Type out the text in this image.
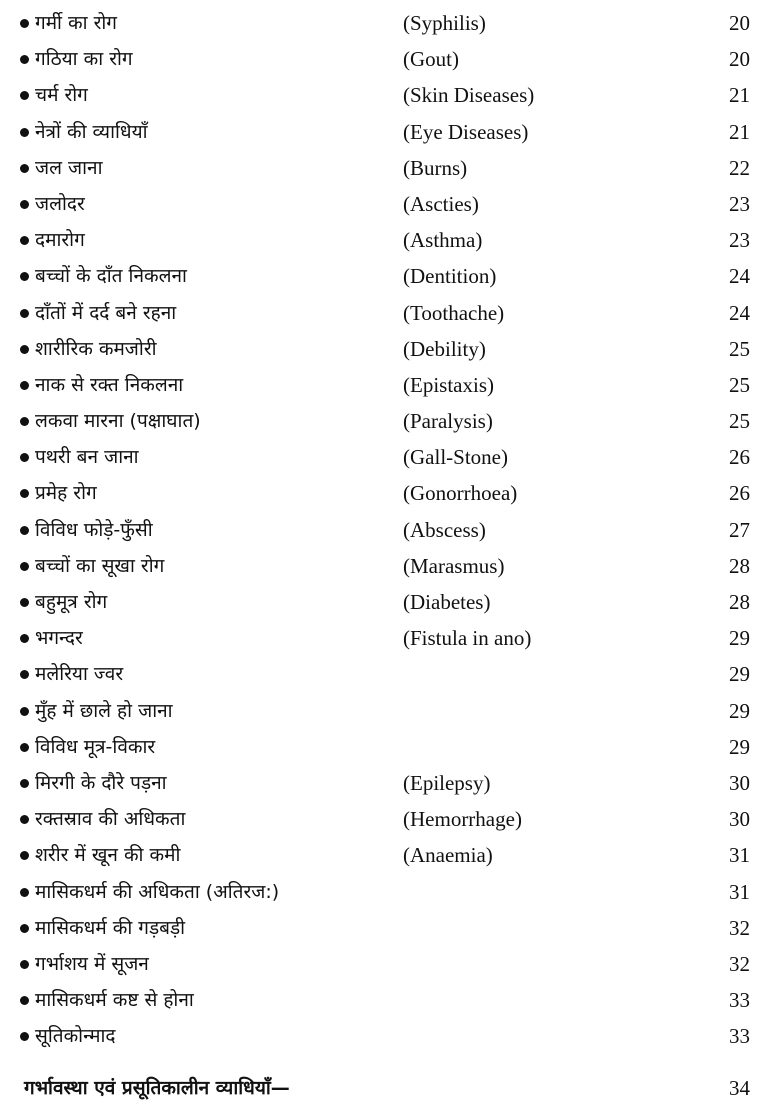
गर्मी का रोग	(Syphilis)	20
गठिया का रोग	(Gout)	20
चर्म रोग	(Skin Diseases)	21
नेत्रों की व्याधियाँ	(Eye Diseases)	21
जल जाना	(Burns)	22
जलोदर	(Ascties)	23
दमारोग	(Asthma)	23
बच्चों के दाँत निकलना	(Dentition)	24
दाँतों में दर्द बने रहना	(Toothache)	24
शारीरिक कमजोरी	(Debility)	25
नाक से रक्त निकलना	(Epistaxis)	25
लकवा मारना (पक्षाघात)	(Paralysis)	25
पथरी बन जाना	(Gall-Stone)	26
प्रमेह रोग	(Gonorrhoea)	26
विविध फोड़े-फुँसी	(Abscess)	27
बच्चों का सूखा रोग	(Marasmus)	28
बहुमूत्र रोग	(Diabetes)	28
भगन्दर	(Fistula in ano)	29
मलेरिया ज्वर	29
मुँह में छाले हो जाना	29
विविध मूत्र-विकार	29
मिरगी के दौरे पड़ना	(Epilepsy)	30
रक्तस्राव की अधिकता	(Hemorrhage)	30
शरीर में खून की कमी	(Anaemia)	31
मासिकधर्म की अधिकता (अतिरज:)	31
मासिकधर्म की गड़बड़ी	32
गर्भाशय में सूजन	32
मासिकधर्म कष्ट से होना	33
सूतिकोन्माद	33
गर्भावस्था एवं प्रसूतिकालीन व्याधियाँ—	34
